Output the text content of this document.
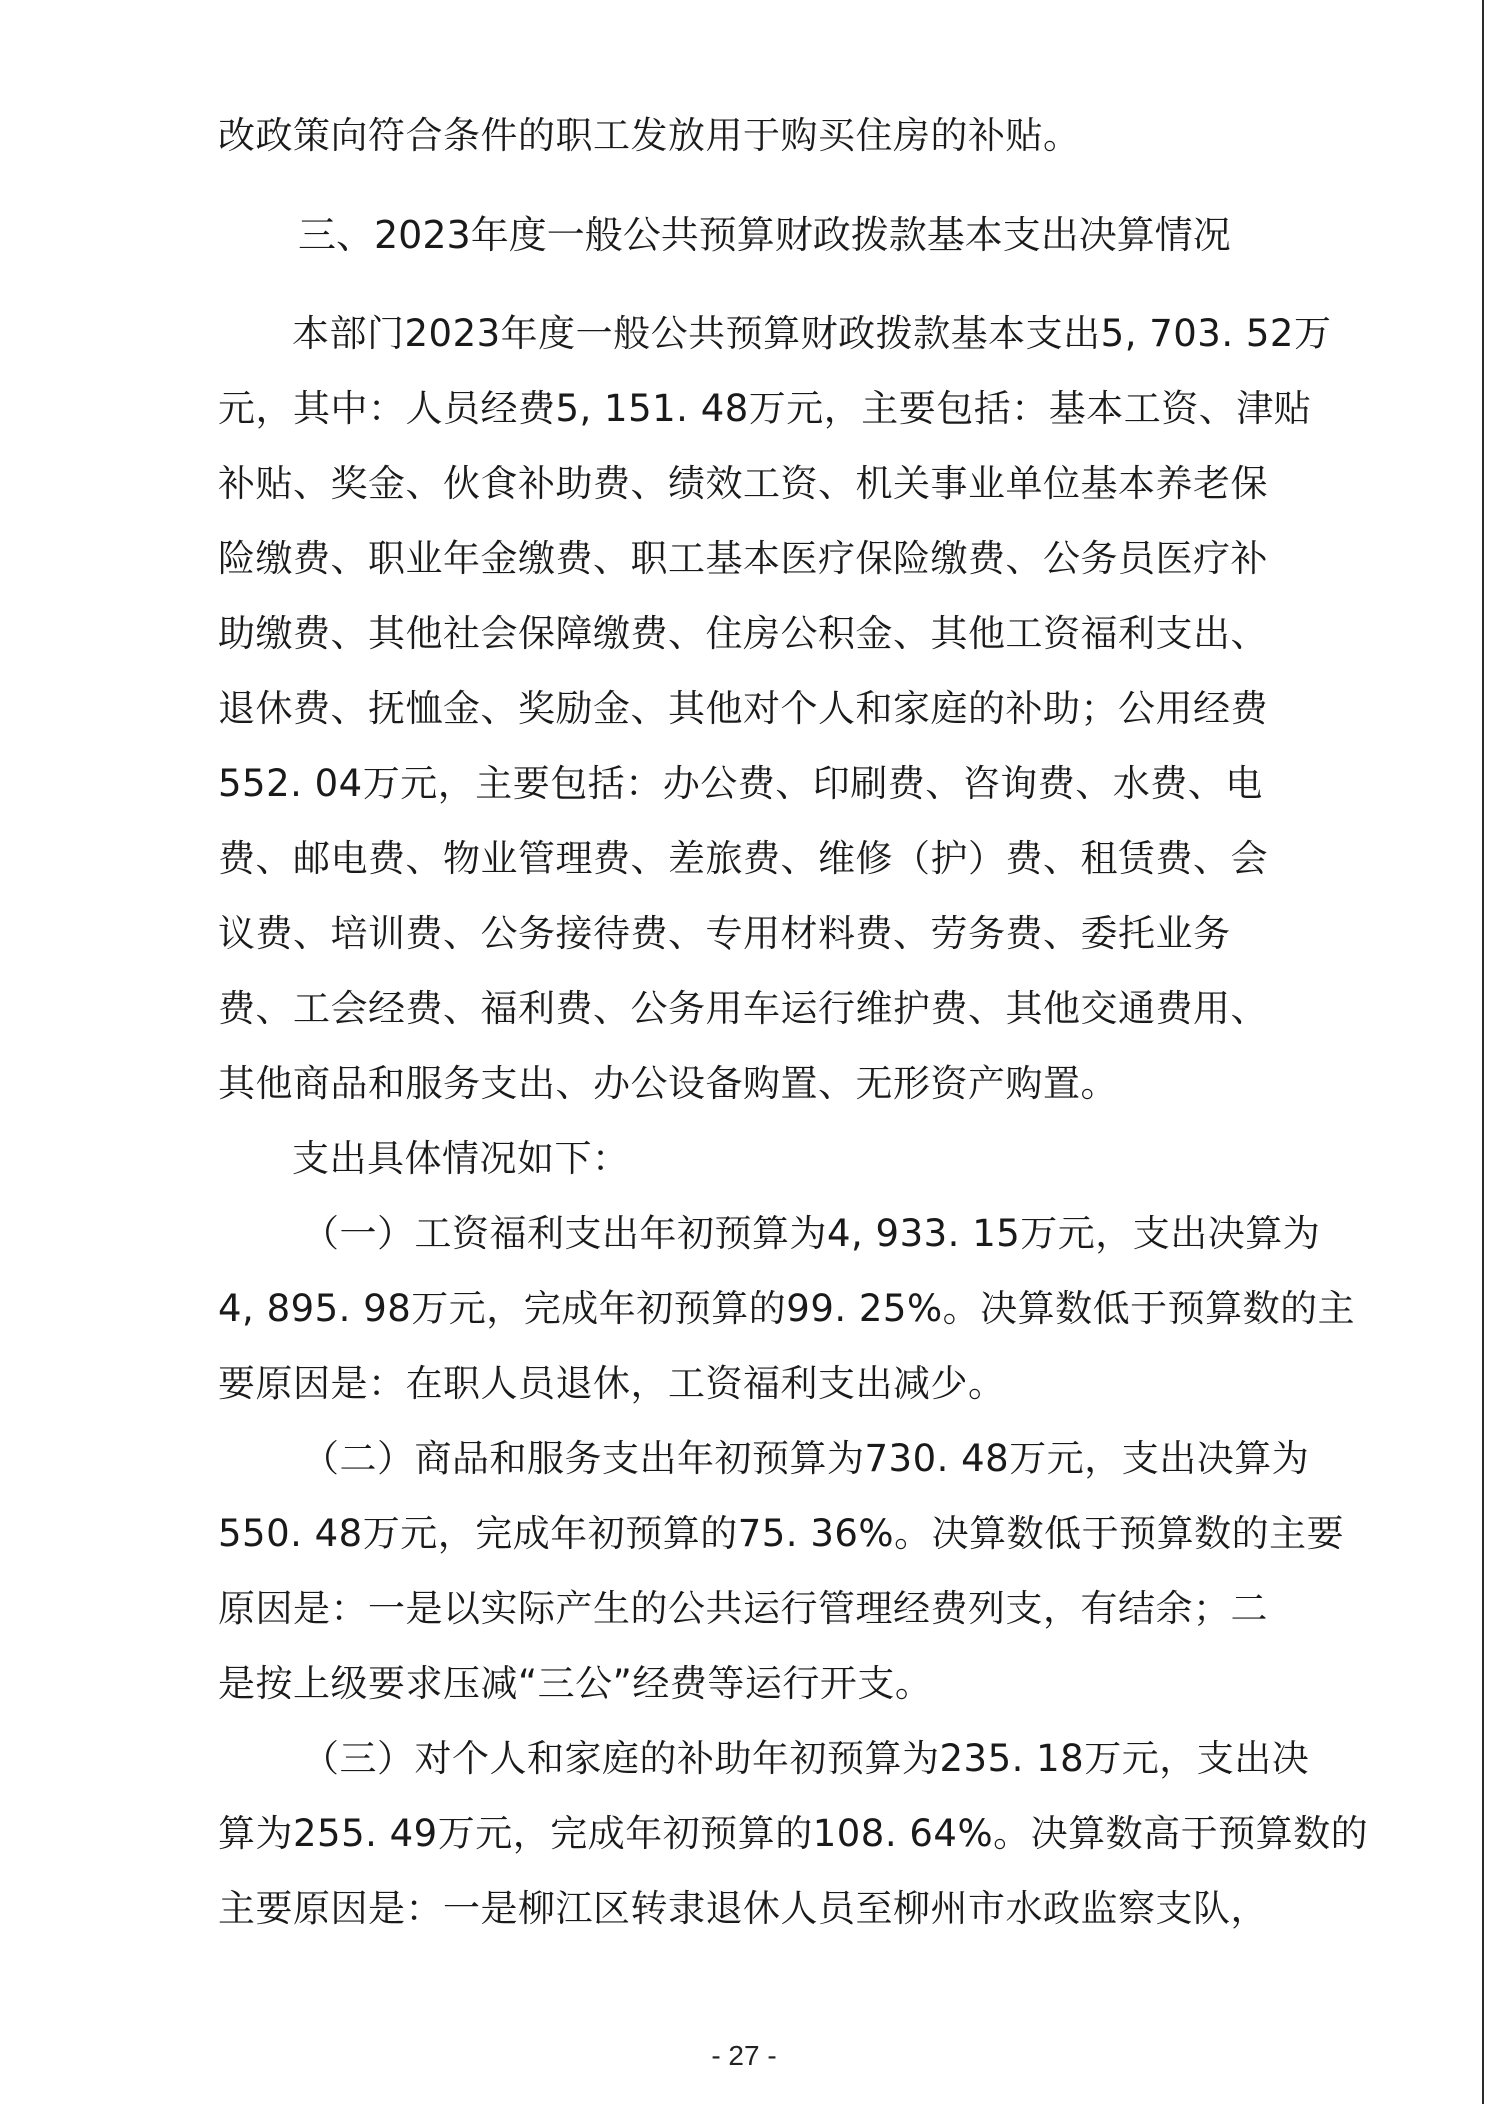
改政策向符合条件的职工发放用于购买住房的补贴。
三、2023年度一般公共预算财政拨款基本支出决算情况
本部门2023年度一般公共预算财政拨款基本支出5, 703. 52万
元，其中：人员经费5, 151. 48万元，主要包括：基本工资、津贴
补贴、奖金、伙食补助费、绩效工资、机关事业单位基本养老保
险缴费、职业年金缴费、职工基本医疗保险缴费、公务员医疗补
助缴费、其他社会保障缴费、住房公积金、其他工资福利支出、
退休费、抚恤金、奖励金、其他对个人和家庭的补助；公用经费
552. 04万元，主要包括：办公费、印刷费、咨询费、水费、电
费、邮电费、物业管理费、差旅费、维修（护）费、租赁费、会
议费、培训费、公务接待费、专用材料费、劳务费、委托业务
费、工会经费、福利费、公务用车运行维护费、其他交通费用、
其他商品和服务支出、办公设备购置、无形资产购置。
支出具体情况如下：
（一）工资福利支出年初预算为4, 933. 15万元，支出决算为
4, 895. 98万元，完成年初预算的99. 25%。决算数低于预算数的主
要原因是：在职人员退休，工资福利支出减少。
（二）商品和服务支出年初预算为730. 48万元，支出决算为
550. 48万元，完成年初预算的75. 36%。决算数低于预算数的主要
原因是：一是以实际产生的公共运行管理经费列支，有结余；二
是按上级要求压减“三公”经费等运行开支。
（三）对个人和家庭的补助年初预算为235. 18万元，支出决
算为255. 49万元，完成年初预算的108. 64%。决算数高于预算数的
主要原因是：一是柳江区转隶退休人员至柳州市水政监察支队，
- 27 -
